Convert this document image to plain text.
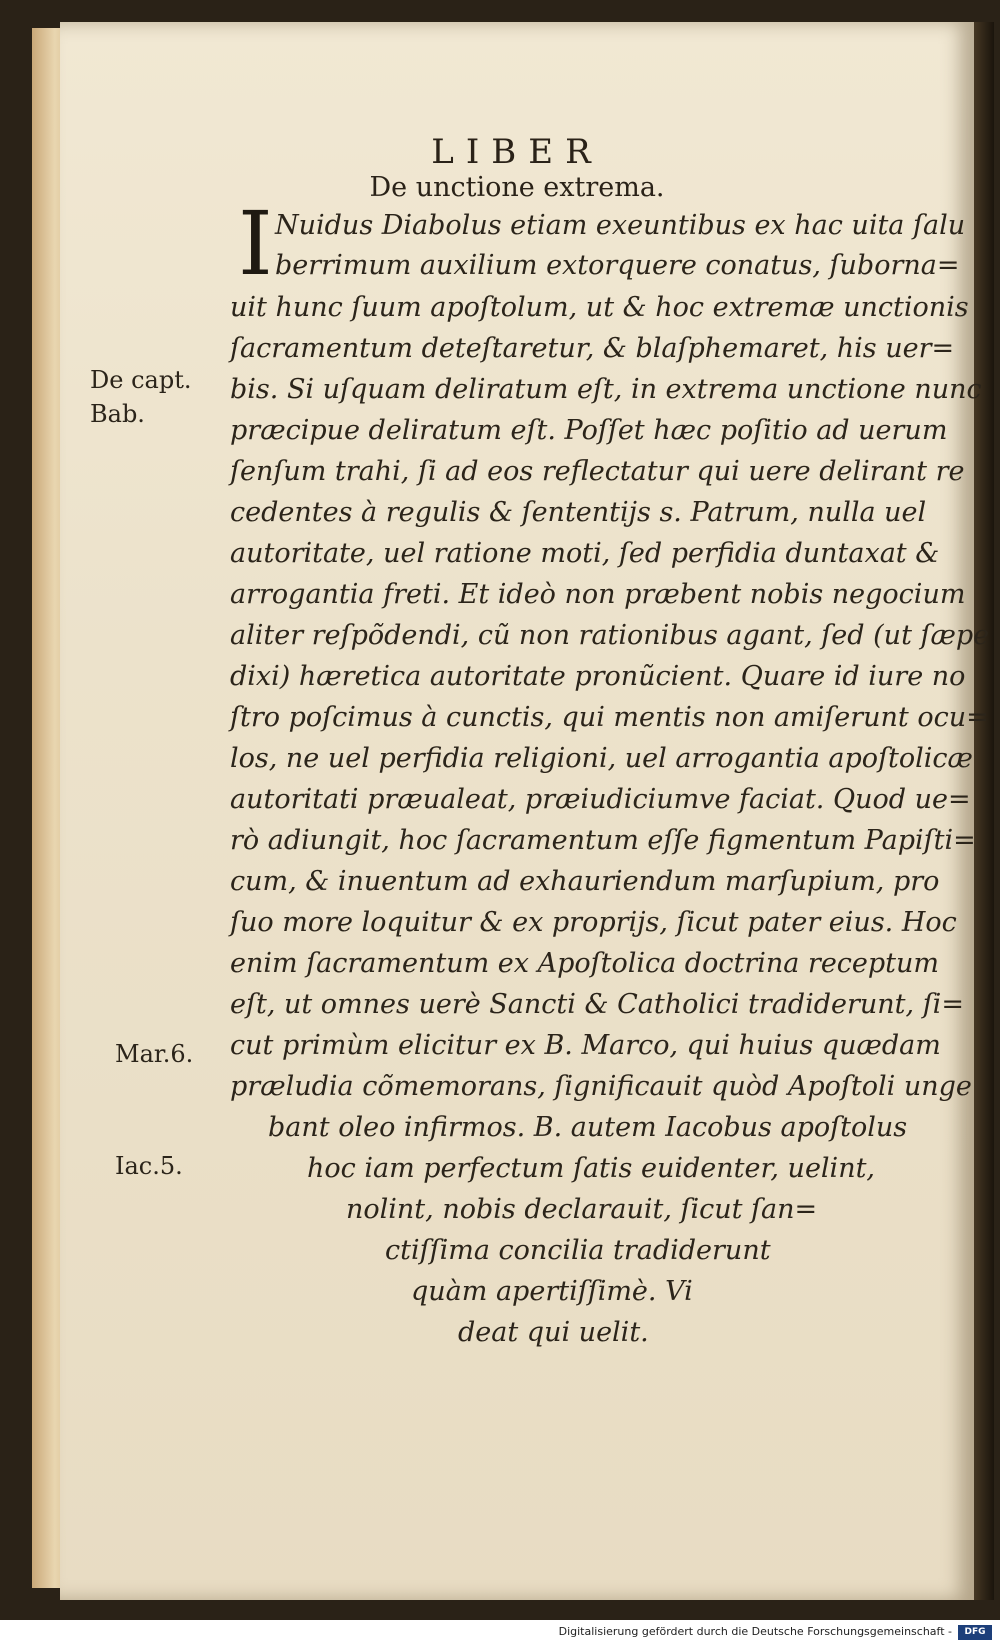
LIBER
De unctione extrema.
I Nuidus Diabolus etiam exeuntibus ex hac uita ſalu
berrimum auxilium extorquere conatus, ſuborna=
uit hunc ſuum apoſtolum, ut & hoc extremæ unctionis
ſacramentum deteſtaretur, & blaſphemaret, his uer=
bis. Si uſquam deliratum eſt, in extrema unctione nunc
præcipue deliratum eſt. Poſſet hæc poſitio ad uerum
ſenſum trahi, ſi ad eos reflectatur qui uere delirant re
cedentes à regulis & ſententijs s. Patrum, nulla uel
autoritate, uel ratione moti, ſed perfidia duntaxat &
arrogantia freti. Et ideò non præbent nobis negocium
aliter reſpõdendi, cũ non rationibus agant, ſed (ut ſæpe
dixi) hæretica autoritate pronũcient. Quare id iure no
ſtro poſcimus à cunctis, qui mentis non amiſerunt ocu=
los, ne uel perfidia religioni, uel arrogantia apoſtolicæ
autoritati præualeat, præiudiciumve faciat. Quod ue=
rò adiungit, hoc ſacramentum eſſe figmentum Papiſti=
cum, & inuentum ad exhauriendum marſupium, pro
ſuo more loquitur & ex proprijs, ſicut pater eius. Hoc
enim ſacramentum ex Apoſtolica doctrina receptum
eſt, ut omnes uerè Sancti & Catholici tradiderunt, ſi=
cut primùm elicitur ex B. Marco, qui huius quædam
præludia cõmemorans, ſignificauit quòd Apoſtoli unge
bant oleo infirmos. B. autem Iacobus apoſtolus
hoc iam perfectum ſatis euidenter, uelint,
nolint, nobis declarauit, ſicut ſan=
ctiſſima concilia tradiderunt
quàm apertiſſimè. Vi
deat qui uelit.
De capt.
Bab.
Mar.6.
Iac.5.
Digitalisierung gefördert durch die Deutsche Forschungsgemeinschaft -	DFG
